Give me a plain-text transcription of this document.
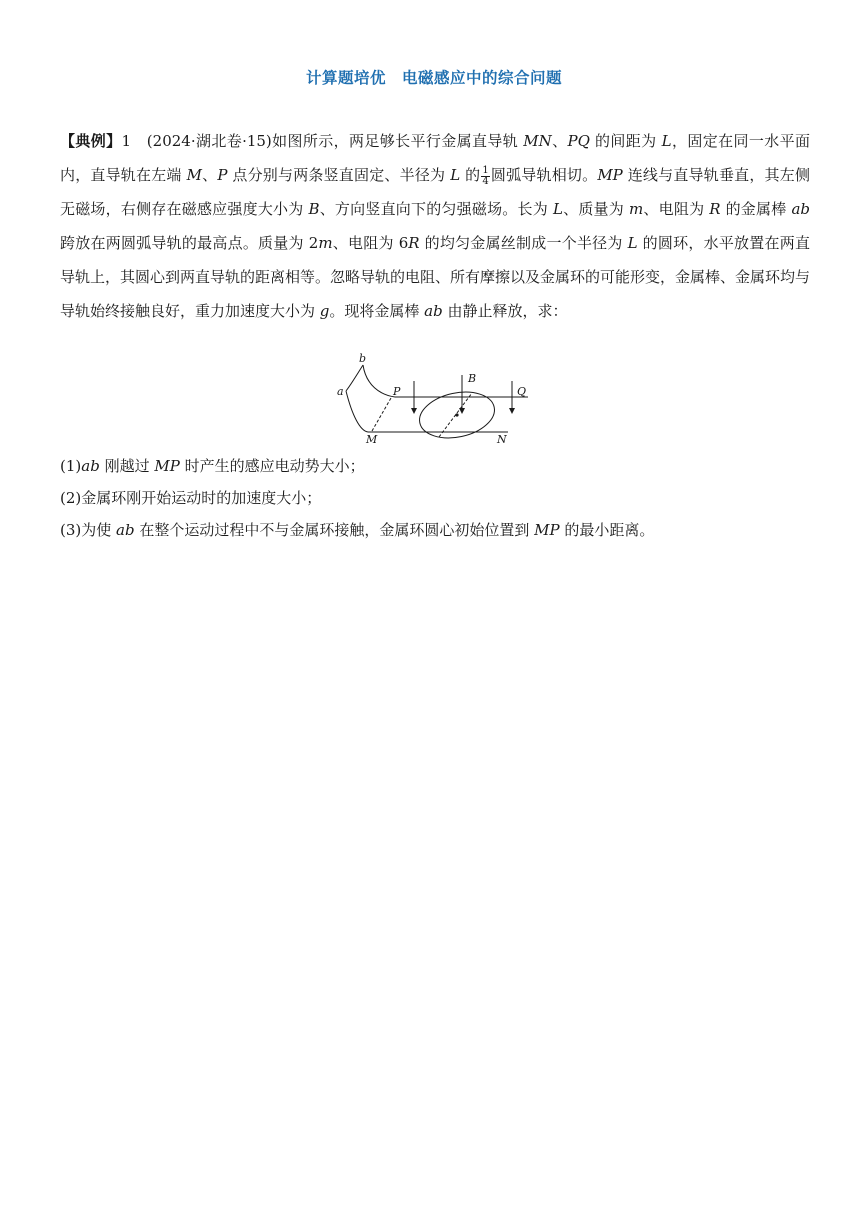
计算题培优　电磁感应中的综合问题
【典例】1　 (2024·湖北卷·15)如图所示，两足够长平行金属直导轨 MN、PQ 的间距为 L，固定在同一水平面内，直导轨在左端 M、P 点分别与两条竖直固定、半径为 L 的 $\frac{1}{4}$ 圆弧导轨相切。MP 连线与直导轨垂直，其左侧无磁场，右侧存在磁感应强度大小为 B、方向竖直向下的匀强磁场。长为 L、质量为 m、电阻为 R 的金属棒 ab 跨放在两圆弧导轨的最高点。质量为 2m、电阻为 6R 的均匀金属丝制成一个半径为 L 的圆环，水平放置在两直导轨上，其圆心到两直导轨的距离相等。忽略导轨的电阻、所有摩擦以及金属环的可能形变，金属棒、金属环均与导轨始终接触良好，重力加速度大小为 g。现将金属棒 ab 由静止释放，求：
a
b
P
B
Q
M	N
(1)ab 刚越过 MP 时产生的感应电动势大小；
(2)金属环刚开始运动时的加速度大小；
(3)为使 ab 在整个运动过程中不与金属环接触，金属环圆心初始位置到 MP 的最小距离。
